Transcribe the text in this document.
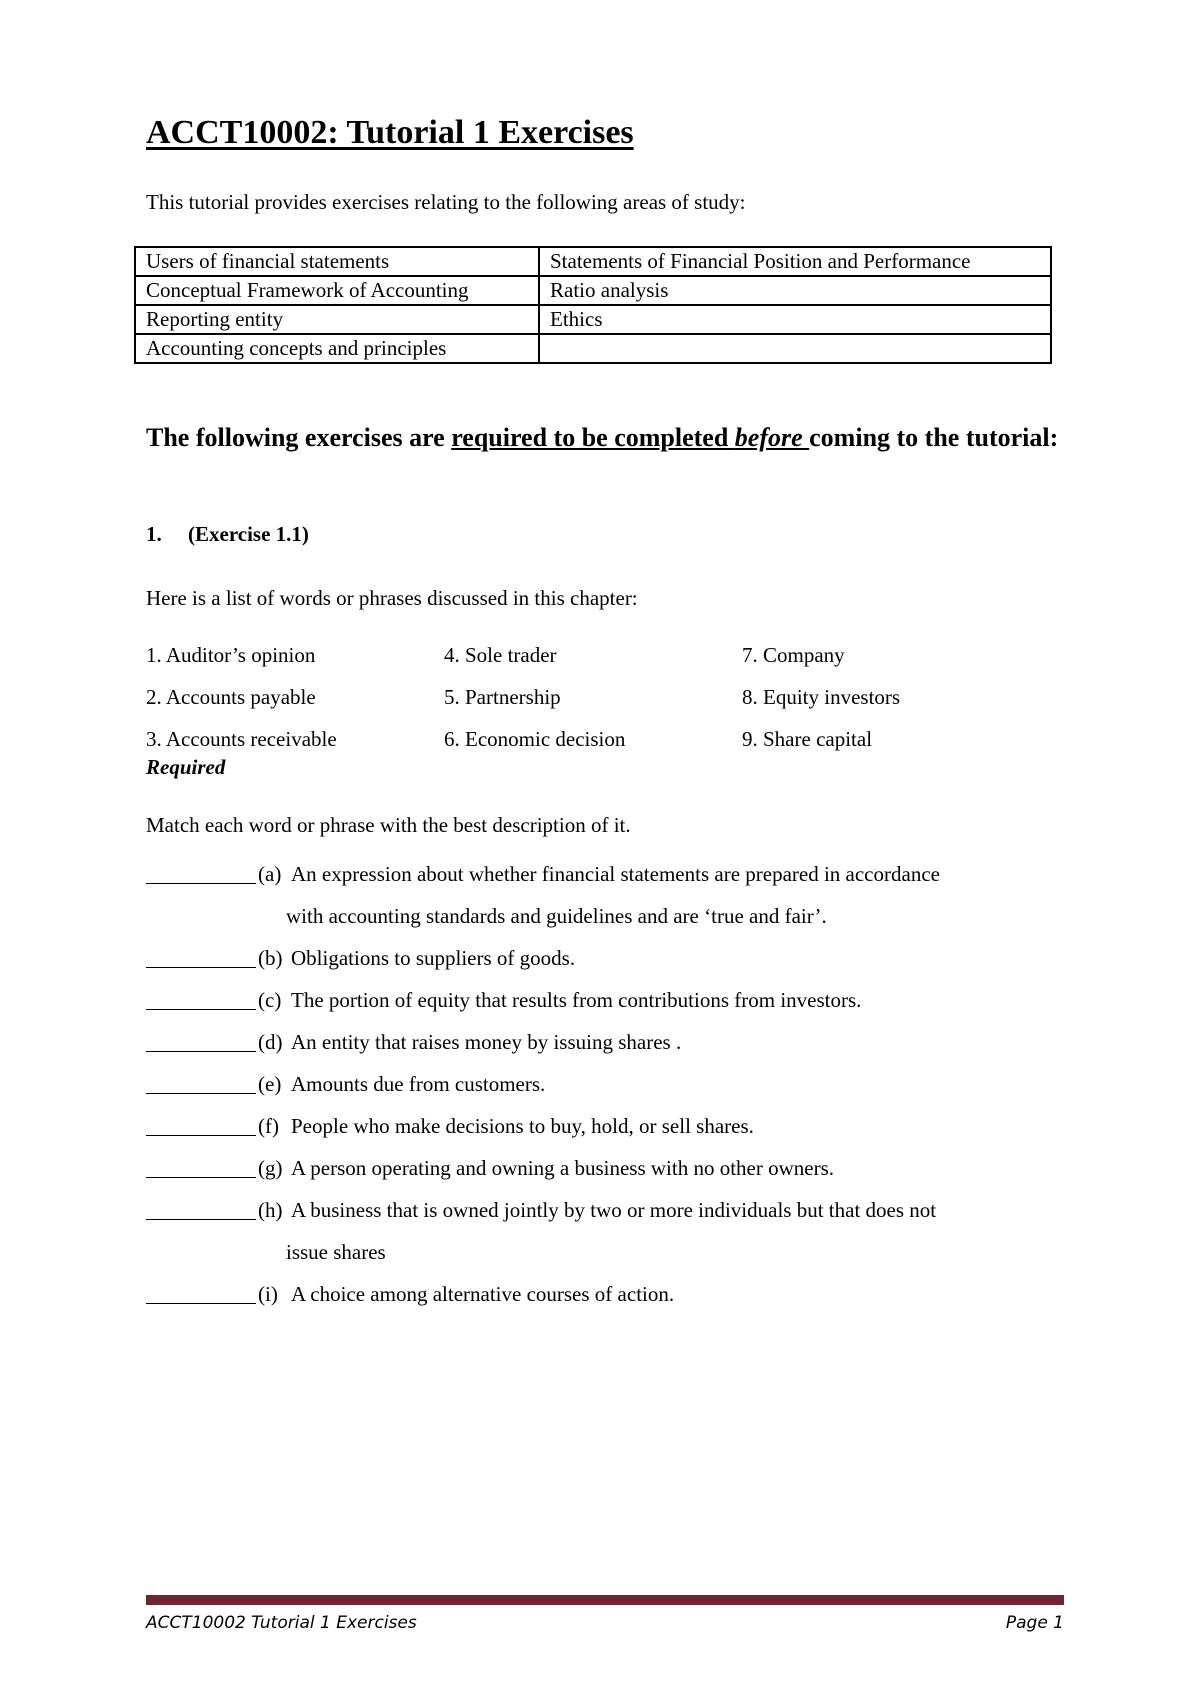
ACCT10002: Tutorial 1 Exercises
This tutorial provides exercises relating to the following areas of study:
Users of financial statements	Statements of Financial Position and Performance
Conceptual Framework of Accounting	Ratio analysis
Reporting entity	Ethics
Accounting concepts and principles	
The following exercises are required to be completed before coming to the tutorial:
1. (Exercise 1.1)
Here is a list of words or phrases discussed in this chapter:
1. Auditor’s opinion
2. Accounts payable
3. Accounts receivable
4. Sole trader
5. Partnership
6. Economic decision
7. Company
8. Equity investors
9. Share capital
Required
Match each word or phrase with the best description of it.
(a) An expression about whether financial statements are prepared in accordance
with accounting standards and guidelines and are ‘true and fair’.
(b) Obligations to suppliers of goods.
(c) The portion of equity that results from contributions from investors.
(d) An entity that raises money by issuing shares .
(e) Amounts due from customers.
(f) People who make decisions to buy, hold, or sell shares.
(g) A person operating and owning a business with no other owners.
(h) A business that is owned jointly by two or more individuals but that does not
issue shares
(i) A choice among alternative courses of action.
ACCT10002 Tutorial 1 Exercises	Page 1
